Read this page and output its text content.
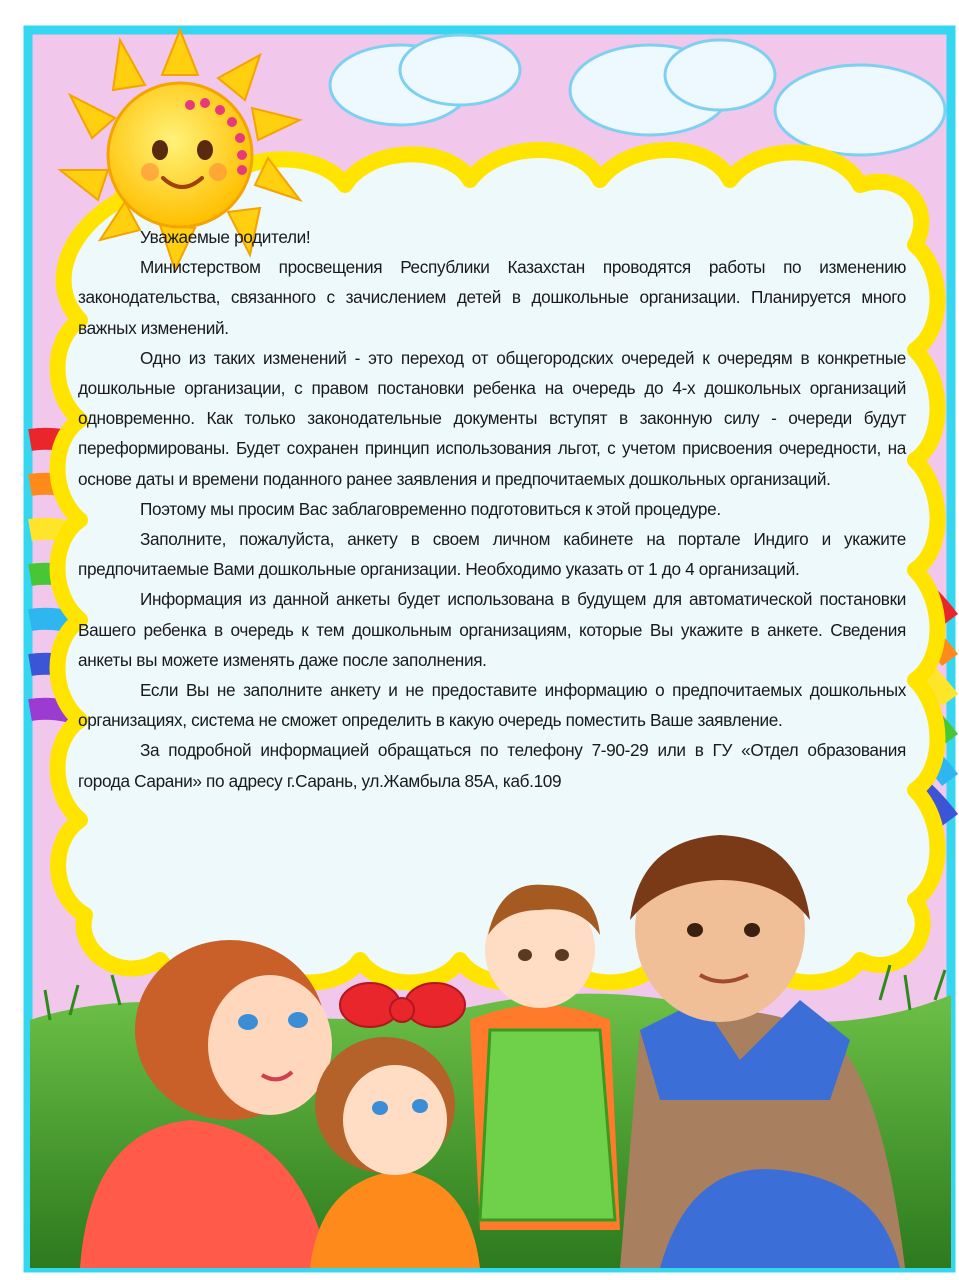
Уважаемые родители!

Министерством просвещения Республики Казахстан проводятся работы по изменению законодательства, связанного с зачислением детей в дошкольные организации. Планируется много важных изменений.

Одно из таких изменений - это переход от общегородских очередей к очередям в конкретные дошкольные организации, с правом постановки ребенка на очередь до 4-х дошкольных организаций одновременно. Как только законодательные документы вступят в законную силу - очереди будут переформированы. Будет сохранен принцип использования льгот, с учетом присвоения очередности, на основе даты и времени поданного ранее заявления и предпочитаемых дошкольных организаций.

Поэтому мы просим Вас заблаговременно подготовиться к этой процедуре.

Заполните, пожалуйста, анкету в своем личном кабинете на портале Индиго и укажите предпочитаемые Вами дошкольные организации. Необходимо указать от 1 до 4 организаций.

Информация из данной анкеты будет использована в будущем для автоматической постановки Вашего ребенка в очередь к тем дошкольным организациям, которые Вы укажите в анкете. Сведения анкеты вы можете изменять даже после заполнения.

Если Вы не заполните анкету и не предоставите информацию о предпочитаемых дошкольных организациях, система не сможет определить в какую очередь поместить Ваше заявление.

За подробной информацией обращаться по телефону 7-90-29 или в ГУ «Отдел образования города Сарани» по адресу г.Сарань, ул.Жамбыла 85А, каб.109
